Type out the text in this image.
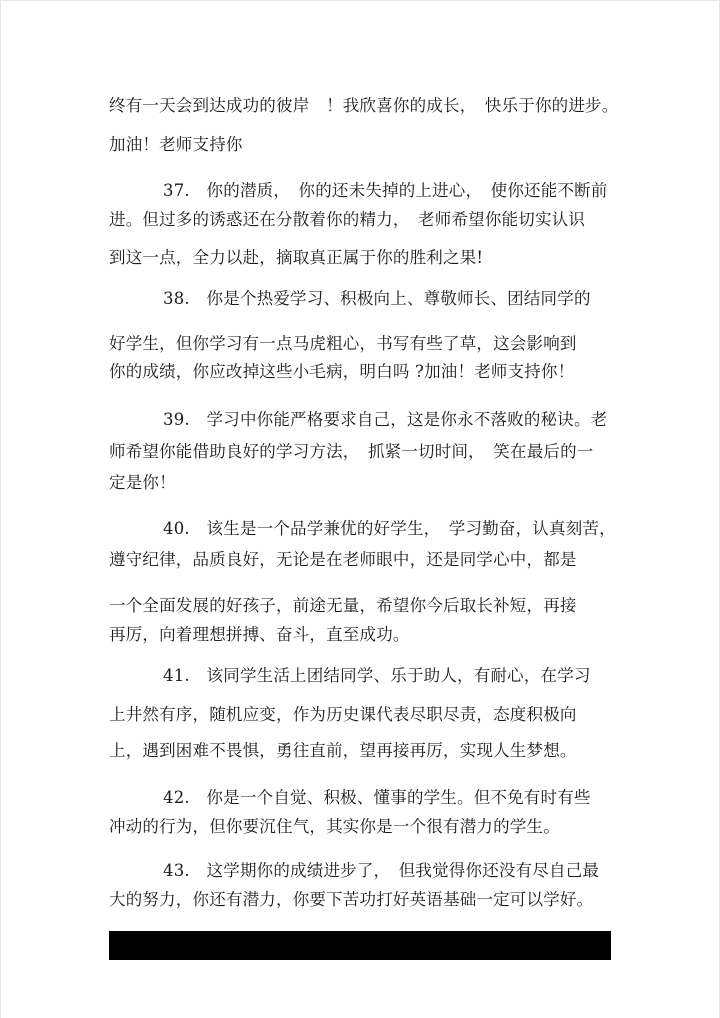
终有一天会到达成功的彼岸　！我欣喜你的成长，　快乐于你的进步。
加油！老师支持你
37.　你的潜质，　你的还未失掉的上进心，　使你还能不断前
进。但过多的诱惑还在分散着你的精力，　老师希望你能切实认识
到这一点，全力以赴，摘取真正属于你的胜利之果!
38.　你是个热爱学习、积极向上、尊敬师长、团结同学的
好学生，但你学习有一点马虎粗心，书写有些了草，这会影响到
你的成绩，你应改掉这些小毛病，明白吗 ?加油！老师支持你！
39.　学习中你能严格要求自己，这是你永不落败的秘诀。老
师希望你能借助良好的学习方法，　抓紧一切时间，　笑在最后的一
定是你！
40.　该生是一个品学兼优的好学生，　学习勤奋，认真刻苦，
遵守纪律，品质良好，无论是在老师眼中，还是同学心中，都是
一个全面发展的好孩子，前途无量，希望你今后取长补短，再接
再厉，向着理想拼搏、奋斗，直至成功。
41.　该同学生活上团结同学、乐于助人，有耐心，在学习
上井然有序，随机应变，作为历史课代表尽职尽责，态度积极向
上，遇到困难不畏惧，勇往直前，望再接再厉，实现人生梦想。
42.　你是一个自觉、积极、懂事的学生。但不免有时有些
冲动的行为，但你要沉住气，其实你是一个很有潜力的学生。
43.　这学期你的成绩进步了，　但我觉得你还没有尽自己最
大的努力，你还有潜力，你要下苦功打好英语基础一定可以学好。
